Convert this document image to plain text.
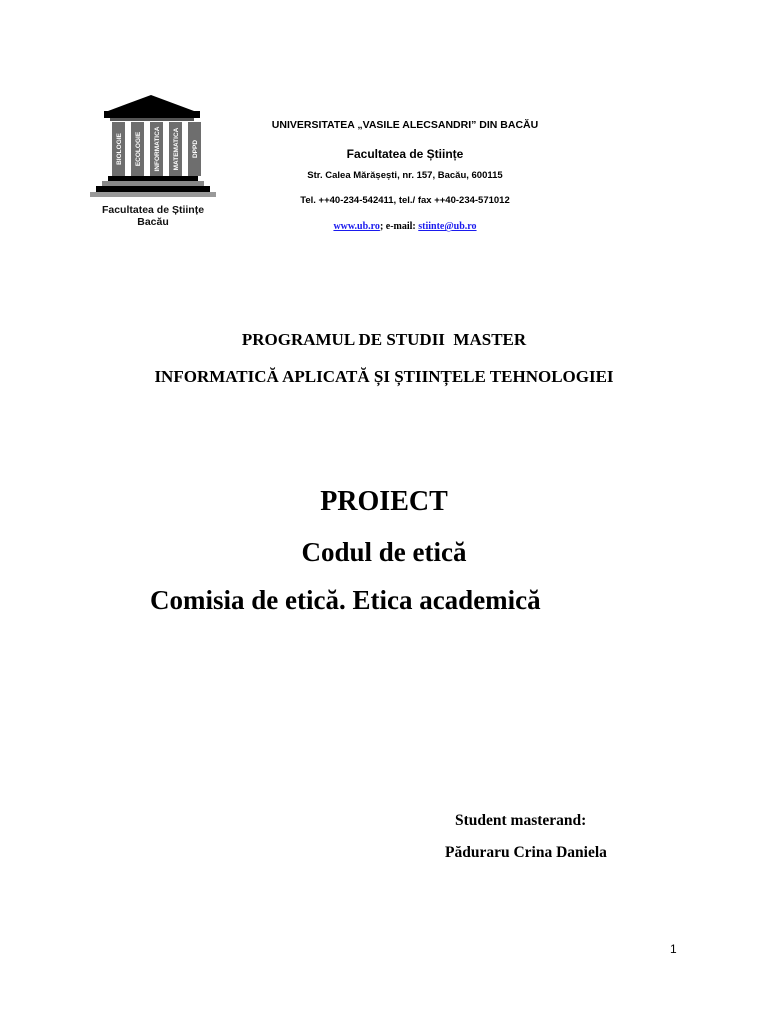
BIOLOGIE ECOLOGIE INFORMATICA MATEMATICA DPPD
Facultatea de Științe
Bacău
UNIVERSITATEA „VASILE ALECSANDRI” DIN BACĂU
Facultatea de Științe
Str. Calea Mărășești, nr. 157, Bacău, 600115
Tel. ++40-234-542411, tel./ fax ++40-234-571012
www.ub.ro; e-mail: stiinte@ub.ro
PROGRAMUL DE STUDII  MASTER
INFORMATICĂ APLICATĂ ȘI ȘTIINȚELE TEHNOLOGIEI
PROIECT
Codul de etică
Comisia de etică. Etica academică
Student masterand:
Păduraru Crina Daniela
1
